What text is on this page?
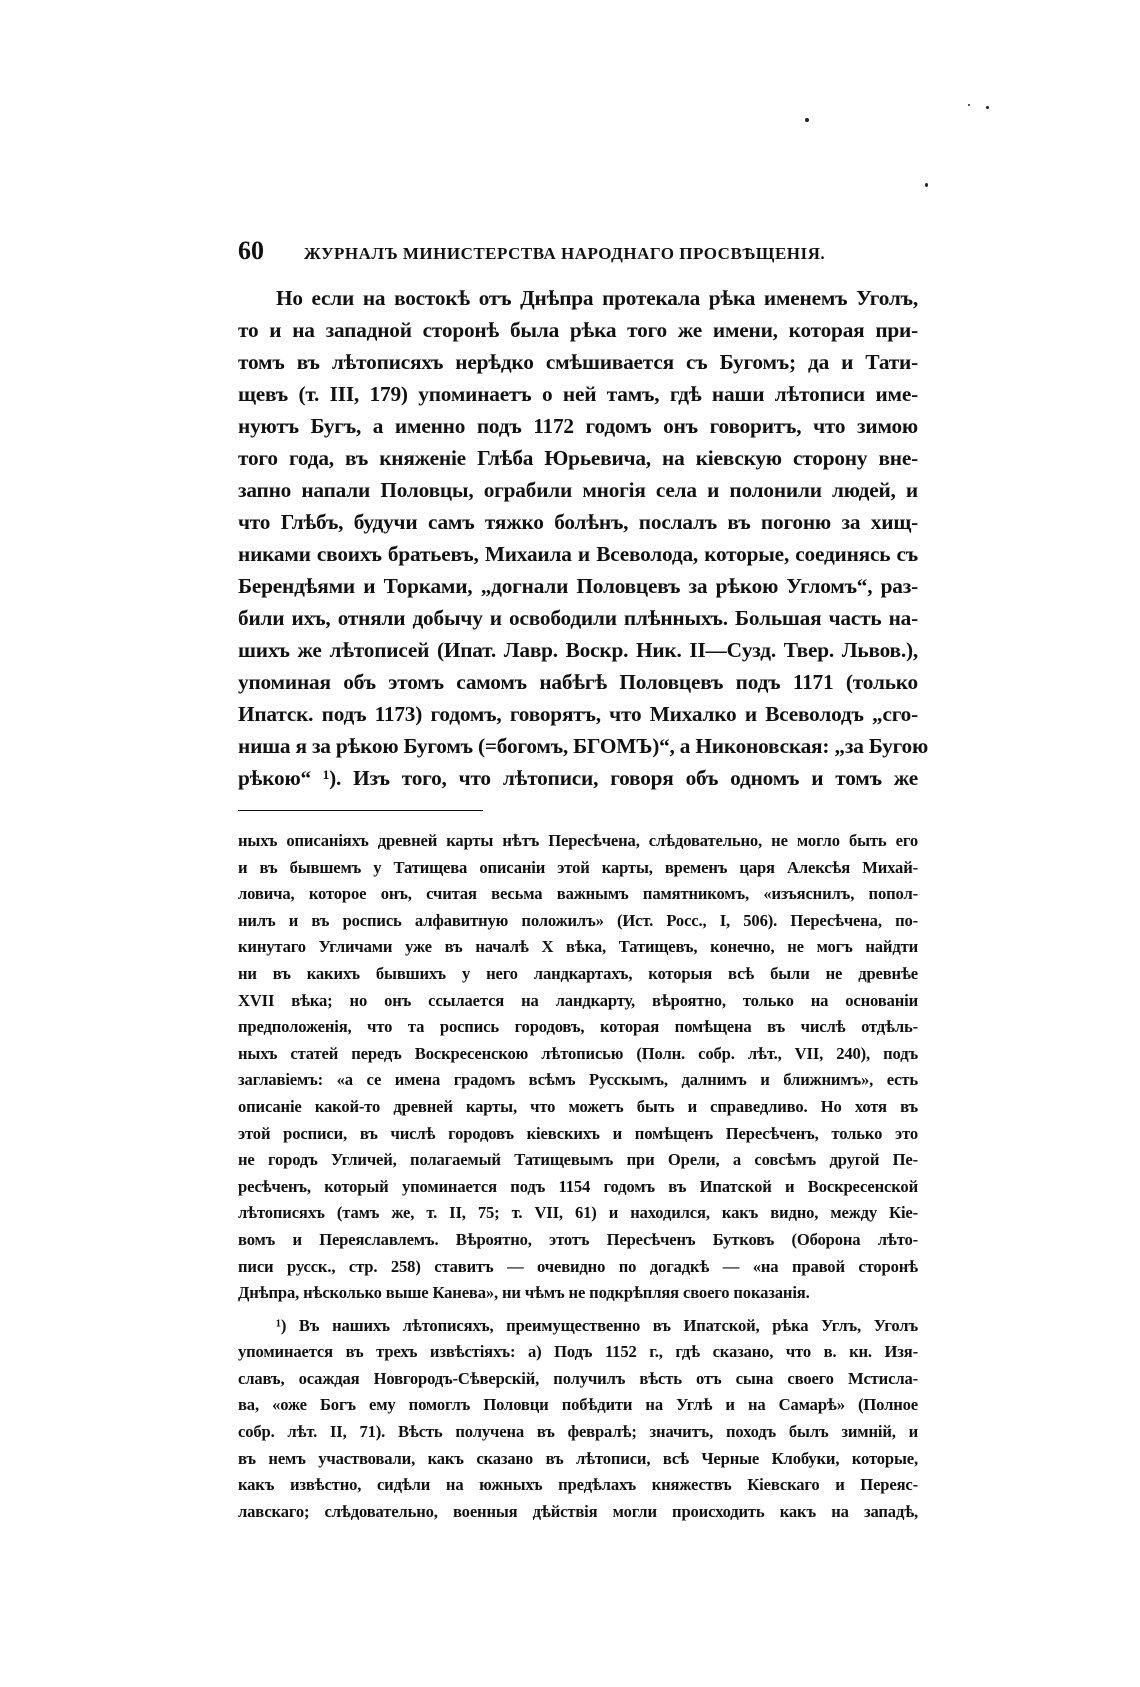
60	ЖУРНАЛЪ МИНИСТЕРСТВА НАРОДНАГО ПРОСВѢЩЕНІЯ.
Но если на востокѣ отъ Днѣпра протекала рѣка именемъ Уголъ,
то и на западной сторонѣ была рѣка того же имени, которая при-
томъ въ лѣтописяхъ нерѣдко смѣшивается съ Бугомъ; да и Тати-
щевъ (т. III, 179) упоминаетъ о ней тамъ, гдѣ наши лѣтописи име-
нуютъ Бугъ, а именно подъ 1172 годомъ онъ говоритъ, что зимою
того года, въ княженіе Глѣба Юрьевича, на кіевскую сторону вне-
запно напали Половцы, ограбили многія села и полонили людей, и
что Глѣбъ, будучи самъ тяжко болѣнъ, послалъ въ погоню за хищ-
никами своихъ братьевъ, Михаила и Всеволода, которые, соединясь съ
Берендѣями и Торками, „догнали Половцевъ за рѣкою Угломъ“, раз-
били ихъ, отняли добычу и освободили плѣнныхъ. Большая часть на-
шихъ же лѣтописей (Ипат. Лавр. Воскр. Ник. II—Cузд. Твер. Львов.),
упоминая объ этомъ самомъ набѣгѣ Половцевъ подъ 1171 (только
Ипатск. подъ 1173) годомъ, говорятъ, что Михалко и Всеволодъ „сго-
ниша я за рѣкою Бугомъ (=богомъ, БГОМЪ)“, а Никоновская: „за Бугою
рѣкою“ ¹). Изъ того, что лѣтописи, говоря объ одномъ и томъ же
ныхъ описаніяхъ древней карты нѣтъ Пересѣчена, слѣдовательно, не могло быть его
и въ бывшемъ у Татищева описаніи этой карты, временъ царя Алексѣя Михай-
ловича, которое онъ, считая весьма важнымъ памятникомъ, «изъяснилъ, попол-
нилъ и въ роспись алфавитную положилъ» (Ист. Росс., I, 506). Пересѣчена, по-
кинутаго Угличами уже въ началѣ X вѣка, Татищевъ, конечно, не могъ найдти
ни въ какихъ бывшихъ у него ландкартахъ, которыя всѣ были не древнѣе
XVII вѣка; но онъ ссылается на ландкарту, вѣроятно, только на основаніи
предположенія, что та роспись городовъ, которая помѣщена въ числѣ отдѣль-
ныхъ статей передъ Воскресенскою лѣтописью (Полн. собр. лѣт., VII, 240), подъ
заглавіемъ: «а се имена градомъ всѣмъ Русскымъ, далнимъ и ближнимъ», есть
описаніе какой-то древней карты, что можетъ быть и справедливо. Но хотя въ
этой росписи, въ числѣ городовъ кіевскихъ и помѣщенъ Пересѣченъ, только это
не городъ Угличей, полагаемый Татищевымъ при Орели, а совсѣмъ другой Пе-
ресѣченъ, который упоминается подъ 1154 годомъ въ Ипатской и Воскресенской
лѣтописяхъ (тамъ же, т. II, 75; т. VII, 61) и находился, какъ видно, между Кіе-
вомъ и Переяславлемъ. Вѣроятно, этотъ Пересѣченъ Бутковъ (Оборона лѣто-
писи русск., стр. 258) ставитъ — очевидно по догадкѣ — «на правой сторонѣ
Днѣпра, нѣсколько выше Канева», ни чѣмъ не подкрѣпляя своего показанія.
¹) Въ нашихъ лѣтописяхъ, преимущественно въ Ипатской, рѣка Углъ, Уголъ
упоминается въ трехъ извѣстіяхъ: а) Подъ 1152 г., гдѣ сказано, что в. кн. Изя-
славъ, осаждая Новгородъ-Сѣверскій, получилъ вѣсть отъ сына своего Мстисла-
ва, «оже Богъ ему помоглъ Половци побѣдити на Углѣ и на Самарѣ» (Полное
собр. лѣт. II, 71). Вѣсть получена въ февралѣ; значитъ, походъ былъ зимній, и
въ немъ участвовали, какъ сказано въ лѣтописи, всѣ Черные Клобуки, которые,
какъ извѣстно, сидѣли на южныхъ предѣлахъ княжествъ Кіевскаго и Переяс-
лавскаго; слѣдовательно, военныя дѣйствія могли происходить какъ на западѣ,
